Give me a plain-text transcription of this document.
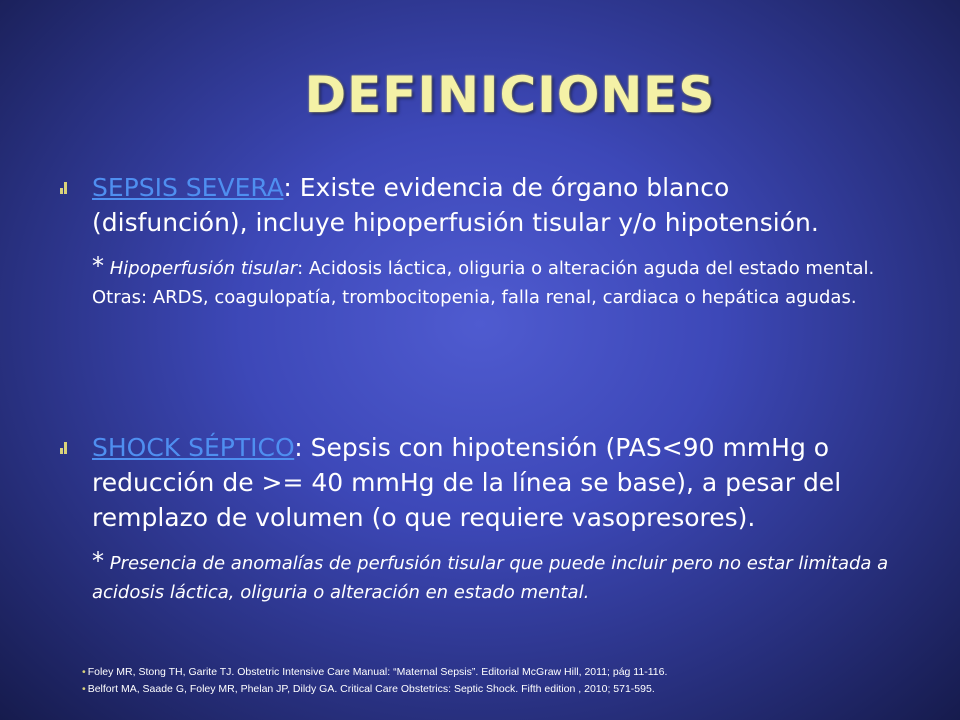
DEFINICIONES

SEPSIS SEVERA: Existe evidencia de órgano blanco (disfunción), incluye hipoperfusión tisular y/o hipotensión.

* Hipoperfusión tisular: Acidosis láctica, oliguria o alteración aguda del estado mental. Otras: ARDS, coagulopatía, trombocitopenia, falla renal, cardiaca o hepática agudas.

SHOCK SÉPTICO: Sepsis con hipotensión (PAS<90 mmHg o reducción de >= 40 mmHg de la línea se base), a pesar del remplazo de volumen (o que requiere vasopresores).

* Presencia de anomalías de perfusión tisular que puede incluir pero no estar limitada a acidosis láctica, oliguria o alteración en estado mental.

• Foley MR, Stong TH, Garite TJ. Obstetric Intensive Care Manual: “Maternal Sepsis”. Editorial McGraw Hill, 2011; pág 11-116.
• Belfort MA, Saade G, Foley MR, Phelan JP, Dildy GA. Critical Care Obstetrics: Septic Shock. Fifth edition , 2010; 571-595.
